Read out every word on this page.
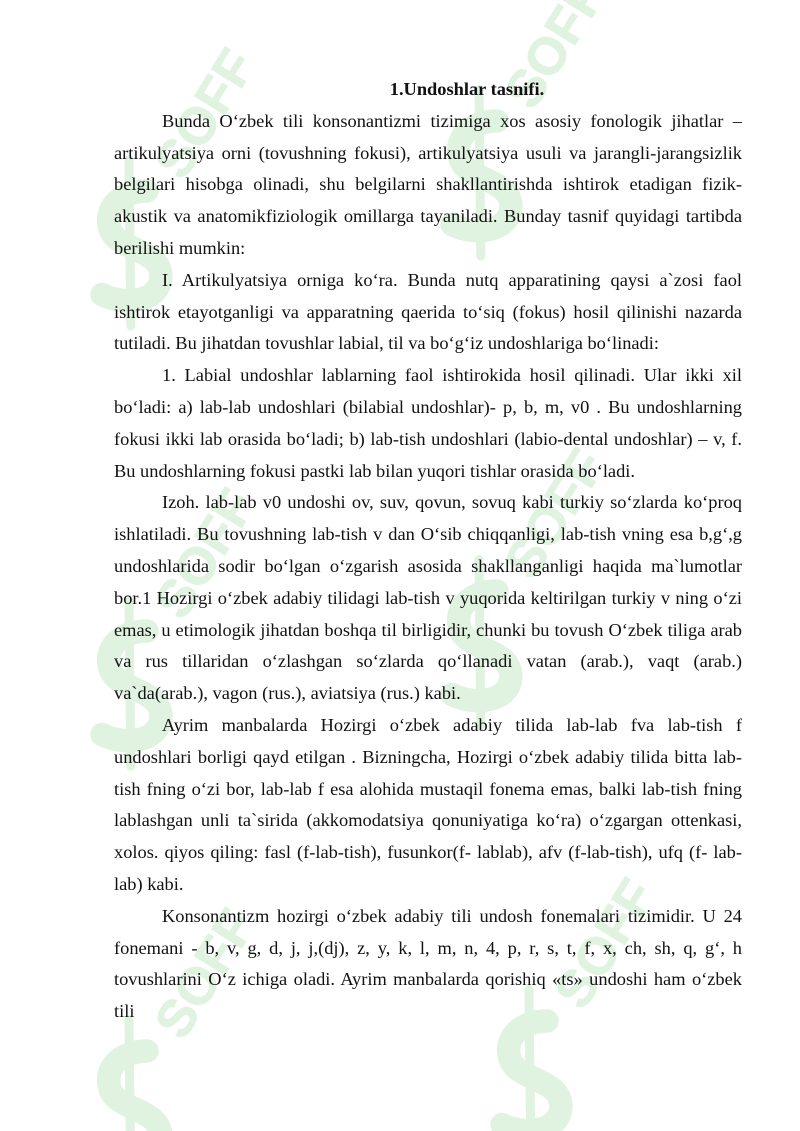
1.Undoshlar tasnifi.

Bunda O‘zbek tili konsonantizmi tizimiga xos asosiy fonologik jihatlar – artikulyatsiya orni (tovushning fokusi), artikulyatsiya usuli va jarangli-jarangsizlik belgilari hisobga olinadi, shu belgilarni shakllantirishda ishtirok etadigan fizik-akustik va anatomikfiziologik omillarga tayaniladi. Bunday tasnif quyidagi tartibda berilishi mumkin:

I. Artikulyatsiya orniga ko‘ra. Bunda nutq apparatining qaysi a`zosi faol ishtirok etayotganligi va apparatning qaerida to‘siq (fokus) hosil qilinishi nazarda tutiladi. Bu jihatdan tovushlar labial, til va bo‘g‘iz undoshlariga bo‘linadi:

1. Labial undoshlar lablarning faol ishtirokida hosil qilinadi. Ular ikki xil bo‘ladi: a) lab-lab undoshlari (bilabial undoshlar)- p, b, m, v0 . Bu undoshlarning fokusi ikki lab orasida bo‘ladi; b) lab-tish undoshlari (labio-dental undoshlar) – v, f. Bu undoshlarning fokusi pastki lab bilan yuqori tishlar orasida bo‘ladi.

Izoh. lab-lab v0 undoshi ov, suv, qovun, sovuq kabi turkiy so‘zlarda ko‘proq ishlatiladi. Bu tovushning lab-tish v dan O‘sib chiqqanligi, lab-tish vning esa b,g‘,g undoshlarida sodir bo‘lgan o‘zgarish asosida shakllanganligi haqida ma`lumotlar bor.1 Hozirgi o‘zbek adabiy tilidagi lab-tish v yuqorida keltirilgan turkiy v ning o‘zi emas, u etimologik jihatdan boshqa til birligidir, chunki bu tovush O‘zbek tiliga arab va rus tillaridan o‘zlashgan so‘zlarda qo‘llanadi vatan (arab.), vaqt (arab.) va`da(arab.), vagon (rus.), aviatsiya (rus.) kabi.

Ayrim manbalarda Hozirgi o‘zbek adabiy tilida lab-lab fva lab-tish f undoshlari borligi qayd etilgan . Bizningcha, Hozirgi o‘zbek adabiy tilida bitta lab-tish fning o‘zi bor, lab-lab f esa alohida mustaqil fonema emas, balki lab-tish fning lablashgan unli ta`sirida (akkomodatsiya qonuniyatiga ko‘ra) o‘zgargan ottenkasi, xolos. qiyos qiling: fasl (f-lab-tish), fusunkor(f- lablab), afv (f-lab-tish), ufq (f- lab-lab) kabi.

Konsonantizm hozirgi o‘zbek adabiy tili undosh fonemalari tizimidir. U 24 fonemani - b, v, g, d, j, j,(dj), z, y, k, l, m, n, 4, p, r, s, t, f, x, ch, sh, q, g‘, h tovushlarini O‘z ichiga oladi. Ayrim manbalarda qorishiq «ts» undoshi ham o‘zbek tili
